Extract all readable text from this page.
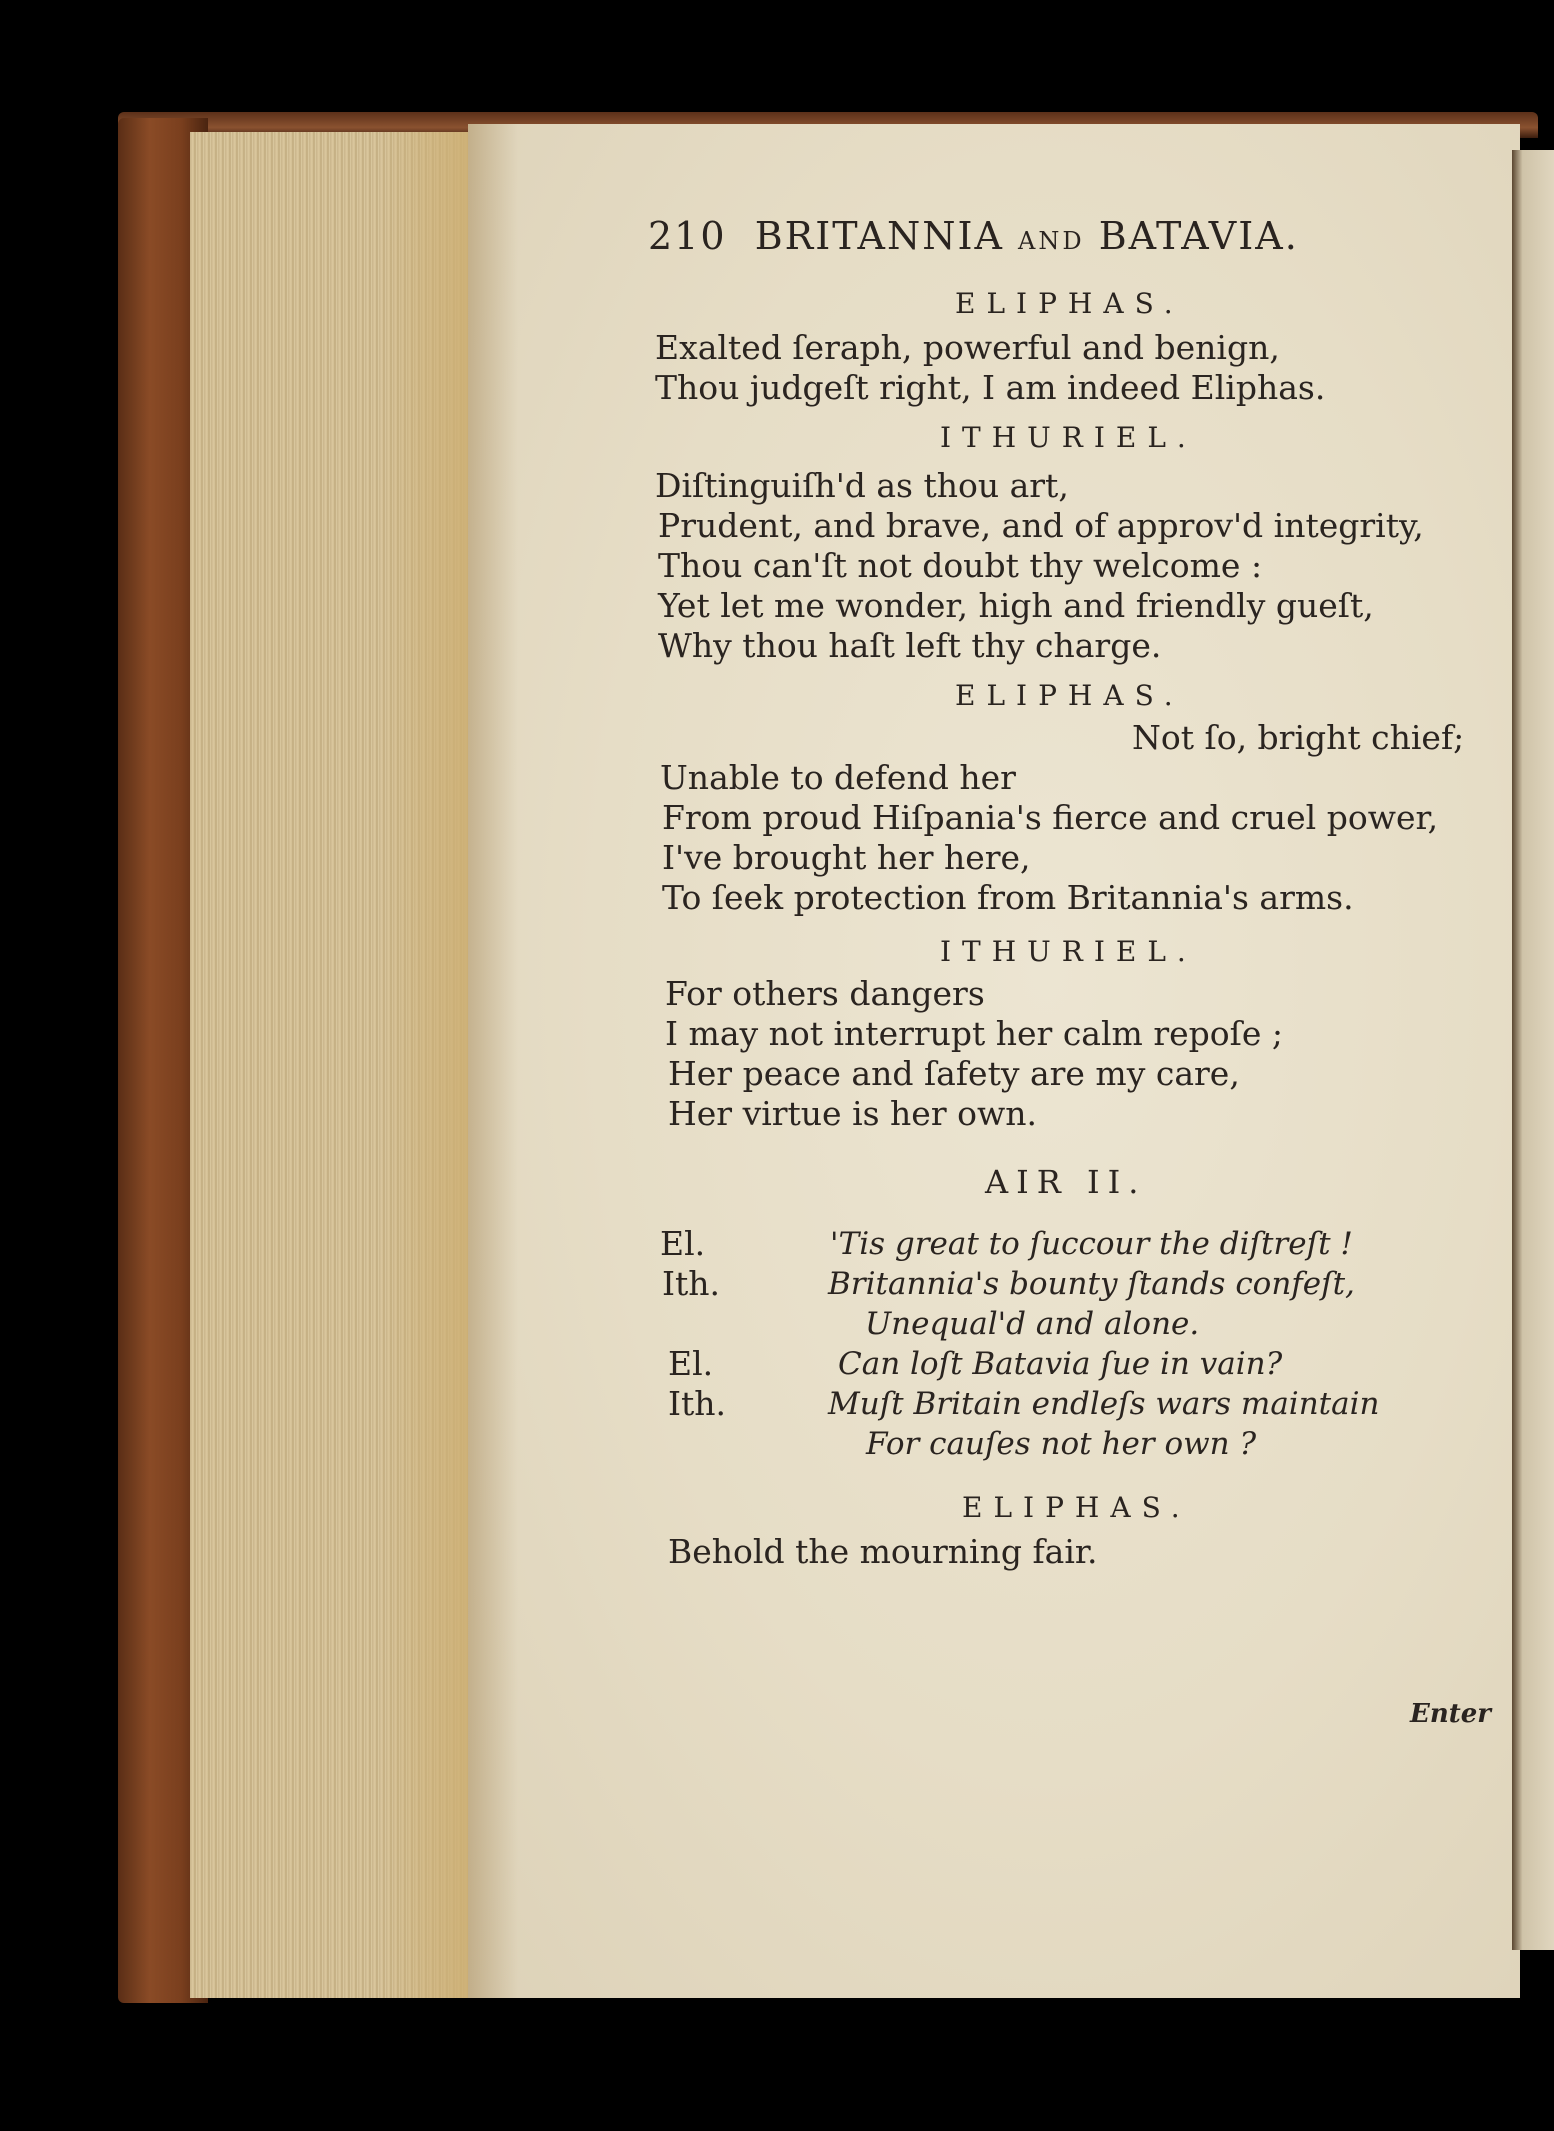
210 BRITANNIA AND BATAVIA.
ELIPHAS.
Exalted ſeraph, powerful and benign,
Thou judgeſt right, I am indeed Eliphas.
ITHURIEL.
Diſtinguiſh'd as thou art,
Prudent, and brave, and of approv'd integrity,
Thou can'ſt not doubt thy welcome :
Yet let me wonder, high and friendly gueſt,
Why thou haſt left thy charge.
ELIPHAS.
Not ſo, bright chief;
Unable to defend her
From proud Hiſpania's fierce and cruel power,
I've brought her here,
To ſeek protection from Britannia's arms.
ITHURIEL.
For others dangers
I may not interrupt her calm repoſe ;
Her peace and ſafety are my care,
Her virtue is her own.
AIR II.
El.	'Tis great to ſuccour the diſtreſt !
Ith.	Britannia's bounty ſtands confeſt,
Unequal'd and alone.
El.	Can loſt Batavia ſue in vain?
Ith.	Muſt Britain endleſs wars maintain
For cauſes not her own ?
ELIPHAS.
Behold the mourning fair.
Enter
